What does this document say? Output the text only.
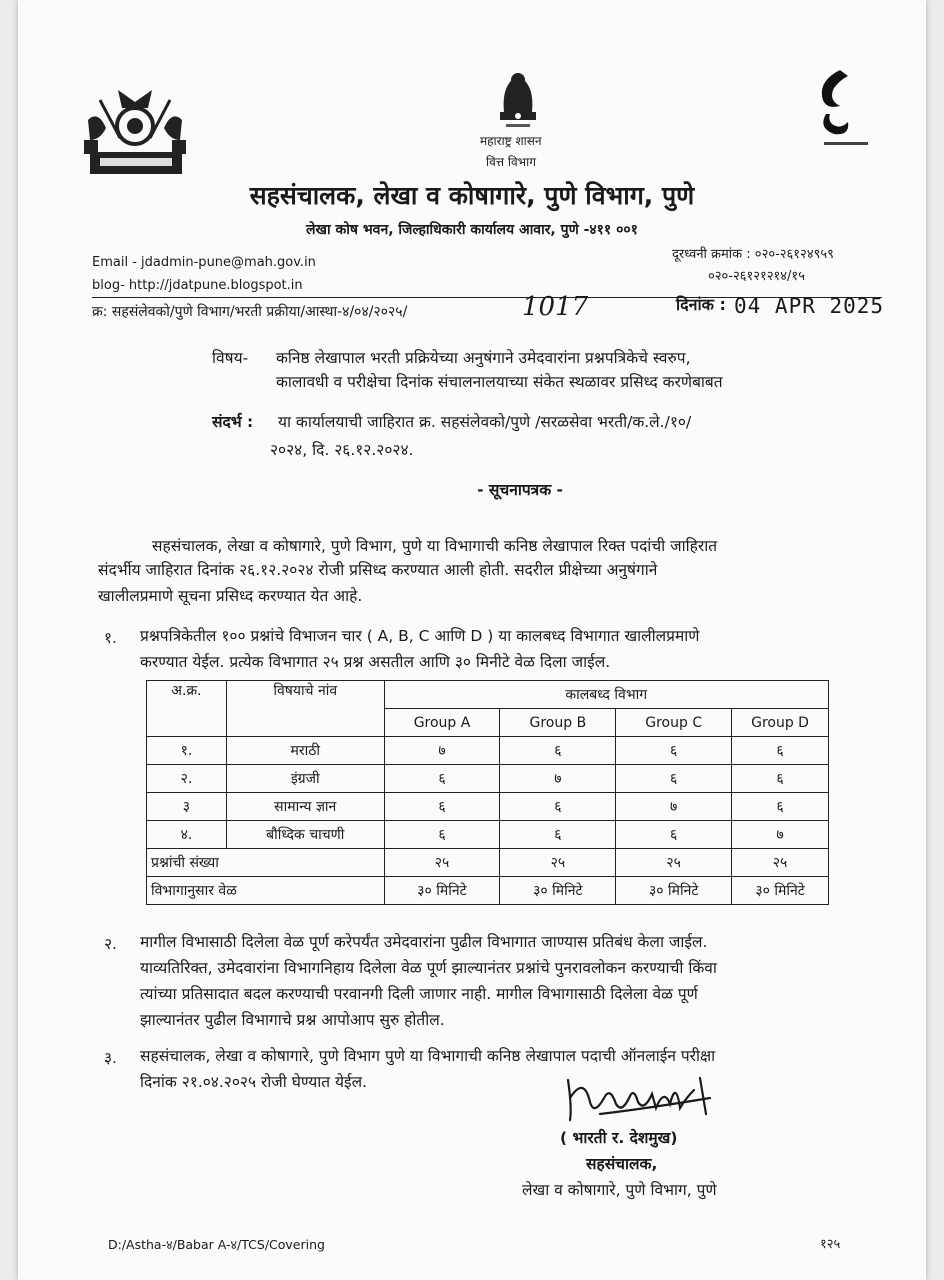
महाराष्ट्र शासन
वित्त विभाग
सहसंचालक, लेखा व कोषागारे, पुणे विभाग, पुणे
लेखा कोष भवन, जिल्हाधिकारी कार्यालय आवार, पुणे -४११ ००१
Email - jdadmin-pune@mah.gov.in
blog- http://jdatpune.blogspot.in
दूरध्वनी क्रमांक : ०२०-२६१२४९५९
०२०-२६१२१२१४/१५
क्र: सहसंलेवको/पुणे विभाग/भरती प्रक्रीया/आस्था-४/०४/२०२५/	1017	दिनांक : 04 APR 2025
विषय- कनिष्ठ लेखापाल भरती प्रक्रियेच्या अनुषंगाने उमेदवारांना प्रश्नपत्रिकेचे स्वरुप,
कालावधी व परीक्षेचा दिनांक संचालनालयाच्या संकेत स्थळावर प्रसिध्द करणेबाबत
संदर्भ : या कार्यालयाची जाहिरात क्र. सहसंलेवको/पुणे /सरळसेवा भरती/क.ले./१०/
२०२४, दि. २६.१२.२०२४.
- सूचनापत्रक -
सहसंचालक, लेखा व कोषागारे, पुणे विभाग, पुणे या विभागाची कनिष्ठ लेखापाल रिक्त पदांची जाहिरात
संदर्भीय जाहिरात दिनांक २६.१२.२०२४ रोजी प्रसिध्द करण्यात आली होती. सदरील प्रीक्षेच्या अनुषंगाने
खालीलप्रमाणे सूचना प्रसिध्द करण्यात येत आहे.
१. प्रश्नपत्रिकेतील १०० प्रश्नांचे विभाजन चार ( A, B, C आणि D ) या कालबध्द विभागात खालीलप्रमाणे
करण्यात येईल. प्रत्येक विभागात २५ प्रश्न असतील आणि ३० मिनीटे वेळ दिला जाईल.
अ.क्र.	विषयाचे नांव	कालबध्द विभाग			
		Group A	Group B	Group C	Group D
१.	मराठी	७	६	६	६
२.	इंग्रजी	६	७	६	६
३	सामान्य ज्ञान	६	६	७	६
४.	बौध्दिक चाचणी	६	६	६	७
प्रश्नांची संख्या		२५	२५	२५	२५
विभागानुसार वेळ		३० मिनिटे	३० मिनिटे	३० मिनिटे	३० मिनिटे
२. मागील विभासाठी दिलेला वेळ पूर्ण करेपर्यंत उमेदवारांना पुढील विभागात जाण्यास प्रतिबंध केला जाईल.
याव्यतिरिक्त, उमेदवारांना विभागनिहाय दिलेला वेळ पूर्ण झाल्यानंतर प्रश्नांचे पुनरावलोकन करण्याची किंवा
त्यांच्या प्रतिसादात बदल करण्याची परवानगी दिली जाणार नाही. मागील विभागासाठी दिलेला वेळ पूर्ण
झाल्यानंतर पुढील विभागाचे प्रश्न आपोआप सुरु होतील.
३. सहसंचालक, लेखा व कोषागारे, पुणे विभाग पुणे या विभागाची कनिष्ठ लेखापाल पदाची ऑनलाईन परीक्षा
दिनांक २१.०४.२०२५ रोजी घेण्यात येईल.
( भारती र. देशमुख)
सहसंचालक,
लेखा व कोषागारे, पुणे विभाग, पुणे
D:/Astha-४/Babar A-४/TCS/Covering	१२५
